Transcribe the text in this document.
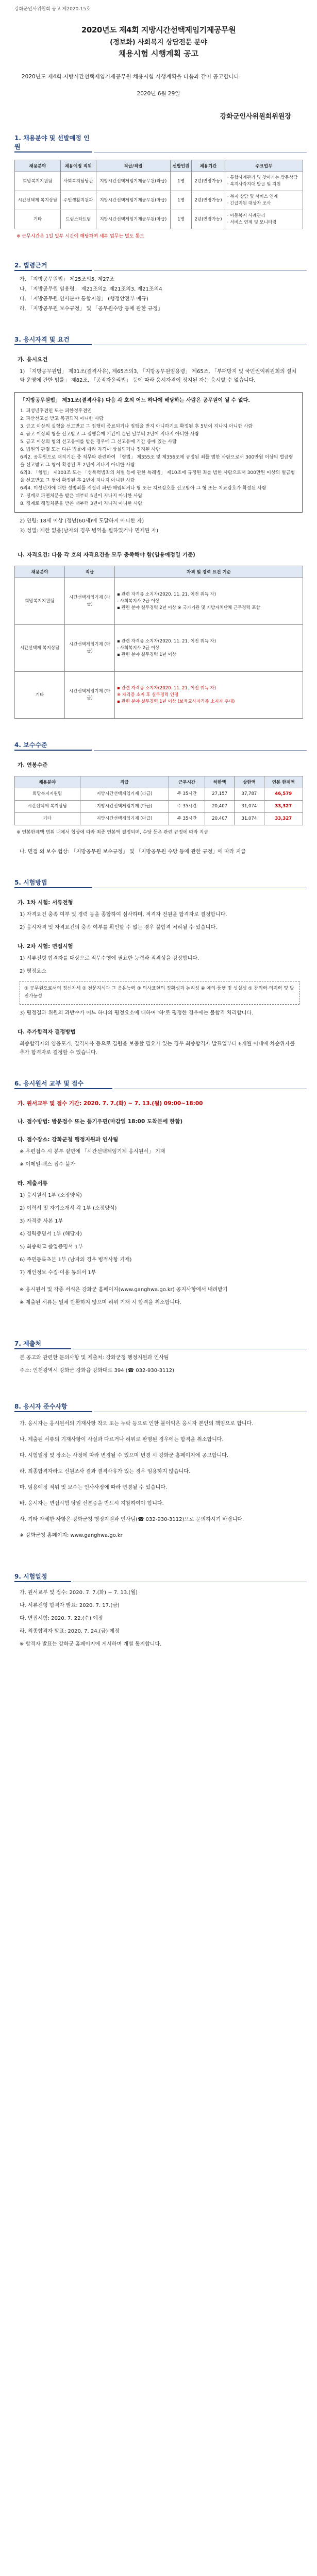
강화군인사위원회 공고 제2020-15호
2020년도 제4회 지방시간선택제임기제공무원
(정보화) 사회복지 상담전문 분야
채용시험 시행계획 공고
2020년도 제4회 지방시간선택제임기제공무원 채용시험 시행계획을 다음과 같이 공고합니다.
2020년 6월 29일
강화군인사위원회위원장
1. 채용분야 및 선발예정 인원
채용분야	채용예정 직위	직급/직렬	선발인원	채용기간	주요업무
희망복지지원팀	사회복지담당관	지방시간선택제임기제공무원(라급)	1명	2년(연장가능)	· 통합사례관리 및 찾아가는 방문상담
· 복지사각지대 발굴 및 지원
시간선택제 복지상담	주민생활지원과	지방시간선택제임기제공무원(마급)	1명	2년(연장가능)	· 복지 상담 및 서비스 연계
· 긴급지원 대상자 조사
기타	드림스타트팀	지방시간선택제임기제공무원(마급)	1명	2년(연장가능)	· 아동복지 사례관리
· 서비스 연계 및 모니터링
※ 근무시간은 1일 일부 시간에 해당하며 세부 업무는 별도 통보
2. 법령근거
가. 「지방공무원법」 제25조의5, 제27조
나. 「지방공무원 임용령」 제21조의2, 제21조의3, 제21조의4
다. 「지방공무원 인사분야 통합지침」 (행정안전부 예규)
라. 「지방공무원 보수규정」 및 「공무원수당 등에 관한 규정」
3. 응시자격 및 요건
가. 응시요건
1) 「지방공무원법」 제31조(결격사유), 제65조의3, 「지방공무원임용령」 제65조, 「부패방지 및 국민권익위원회의 설치와 운영에 관한 법률」 제82조, 「공직자윤리법」 등에 따라 응시자격이 정지된 자는 응시할 수 없습니다.
「지방공무원법」 제31조(결격사유) 다음 각 호의 어느 하나에 해당하는 사람은 공무원이 될 수 없다.
1. 피성년후견인 또는 피한정후견인
2. 파산선고를 받고 복권되지 아니한 사람
3. 금고 이상의 실형을 선고받고 그 집행이 종료되거나 집행을 받지 아니하기로 확정된 후 5년이 지나지 아니한 사람
4. 금고 이상의 형을 선고받고 그 집행유예 기간이 끝난 날부터 2년이 지나지 아니한 사람
5. 금고 이상의 형의 선고유예를 받은 경우에 그 선고유예 기간 중에 있는 사람
6. 법원의 판결 또는 다른 법률에 따라 자격이 상실되거나 정지된 사람
6의2. 공무원으로 재직기간 중 직무와 관련하여 「형법」 제355조 및 제356조에 규정된 죄를 범한 사람으로서 300만원 이상의 벌금형을 선고받고 그 형이 확정된 후 2년이 지나지 아니한 사람
6의3. 「형법」 제303조 또는 「성폭력범죄의 처벌 등에 관한 특례법」 제10조에 규정된 죄를 범한 사람으로서 300만원 이상의 벌금형을 선고받고 그 형이 확정된 후 2년이 지나지 아니한 사람
6의4. 미성년자에 대한 성범죄를 저질러 파면·해임되거나 형 또는 치료감호를 선고받아 그 형 또는 치료감호가 확정된 사람
7. 징계로 파면처분을 받은 때부터 5년이 지나지 아니한 사람
8. 징계로 해임처분을 받은 때부터 3년이 지나지 아니한 사람
2) 연령: 18세 이상 (정년(60세)에 도달하지 아니한 자)
3) 성별: 제한 없음(남자의 경우 병역을 필하였거나 면제된 자)
나. 자격요건: 다음 각 호의 자격요건을 모두 충족해야 함(임용예정일 기준)
채용분야	직급	자격 및 경력 요건 기준
희망복지지원팀	시간선택제임기제 (라급)	▪ 관련 자격증 소지자(2020. 11. 21. 이전 취득 자)
- 사회복지사 2급 이상
▪ 관련 분야 실무경력 2년 이상 ※ 국가기관 및 지방자치단체 근무경력 포함
시간선택제 복지상담	시간선택제임기제 (마급)	▪ 관련 자격증 소지자(2020. 11. 21. 이전 취득 자)
- 사회복지사 2급 이상
▪ 관련 분야 실무경력 1년 이상
기타	시간선택제임기제 (마급)	▪ 관련 자격증 소지자(2020. 11. 21. 이전 취득 자)
※ 자격증 소지 후 실무경력 인정
▪ 관련 분야 실무경력 1년 이상 (보육교사자격증 소지자 우대)
4. 보수수준
가. 연봉수준
채용분야	직급	근무시간	하한액	상한액	연봉 한계액
희망복지지원팀	지방시간선택제임기제 (라급)	주 35시간	27,157	37,787	46,579
시간선택제 복지상담	지방시간선택제임기제 (마급)	주 35시간	20,407	31,074	33,327
기타	지방시간선택제임기제 (마급)	주 35시간	20,407	31,074	33,327
※ 연봉한계액 범위 내에서 협상에 따라 최종 연봉액 결정되며, 수당 등은 관련 규정에 따라 지급
나. 면접 외 보수 협상: 「지방공무원 보수규정」 및 「지방공무원 수당 등에 관한 규정」에 따라 지급
5. 시험방법
가. 1차 시험: 서류전형
1) 자격요건 충족 여부 및 경력 등을 종합하여 심사하며, 적격자 전원을 합격자로 결정합니다.
2) 응시자격 및 자격요건의 충족 여부를 확인할 수 없는 경우 불합격 처리될 수 있습니다.
나. 2차 시험: 면접시험
1) 서류전형 합격자를 대상으로 직무수행에 필요한 능력과 적격성을 검정합니다.
2) 평정요소
① 공무원으로서의 정신자세 ② 전문지식과 그 응용능력 ③ 의사표현의 정확성과 논리성 ④ 예의·품행 및 성실성 ⑤ 창의력·의지력 및 발전가능성
3) 평정결과 위원의 과반수가 어느 하나의 평정요소에 대하여 '하'로 평정한 경우에는 불합격 처리합니다.
다. 추가합격자 결정방법
최종합격자의 임용포기, 결격사유 등으로 결원을 보충할 필요가 있는 경우 최종합격자 발표일부터 6개월 이내에 차순위자를 추가 합격자로 결정할 수 있습니다.
6. 응시원서 교부 및 접수
가. 원서교부 및 접수 기간: 2020. 7. 7.(화) ~ 7. 13.(월) 09:00~18:00
나. 접수방법: 방문접수 또는 등기우편(마감일 18:00 도착분에 한함)
다. 접수장소: 강화군청 행정지원과 인사팀
※ 우편접수 시 봉투 겉면에 「시간선택제임기제 응시원서」 기재
※ 이메일·팩스 접수 불가
라. 제출서류
1) 응시원서 1부 (소정양식)
2) 이력서 및 자기소개서 각 1부 (소정양식)
3) 자격증 사본 1부
4) 경력증명서 1부 (해당자)
5) 최종학교 졸업증명서 1부
6) 주민등록초본 1부 (남자의 경우 병적사항 기재)
7) 개인정보 수집·이용 동의서 1부
※ 응시원서 및 각종 서식은 강화군 홈페이지(www.ganghwa.go.kr) 공지사항에서 내려받기
※ 제출된 서류는 일체 반환하지 않으며 허위 기재 시 합격을 취소합니다.
7. 제출처
본 공고와 관련한 문의사항 및 제출처: 강화군청 행정지원과 인사팀
주소: 인천광역시 강화군 강화읍 강화대로 394 (☎ 032-930-3112)
8. 응시자 준수사항
가. 응시자는 응시원서의 기재사항 착오 또는 누락 등으로 인한 불이익은 응시자 본인의 책임으로 합니다.
나. 제출된 서류의 기재사항이 사실과 다르거나 허위로 판명된 경우에는 합격을 취소합니다.
다. 시험일정 및 장소는 사정에 따라 변경될 수 있으며 변경 시 강화군 홈페이지에 공고합니다.
라. 최종합격자라도 신원조사 결과 결격사유가 있는 경우 임용하지 않습니다.
마. 임용예정 직위 및 보수는 인사사정에 따라 변경될 수 있습니다.
바. 응시자는 면접시험 당일 신분증을 반드시 지참하여야 합니다.
사. 기타 자세한 사항은 강화군청 행정지원과 인사팀(☎ 032-930-3112)으로 문의하시기 바랍니다.
※ 강화군청 홈페이지: www.ganghwa.go.kr
9. 시험일정
가. 원서교부 및 접수: 2020. 7. 7.(화) ~ 7. 13.(월)
나. 서류전형 합격자 발표: 2020. 7. 17.(금)
다. 면접시험: 2020. 7. 22.(수) 예정
라. 최종합격자 발표: 2020. 7. 24.(금) 예정
※ 합격자 발표는 강화군 홈페이지에 게시하며 개별 통지합니다.
